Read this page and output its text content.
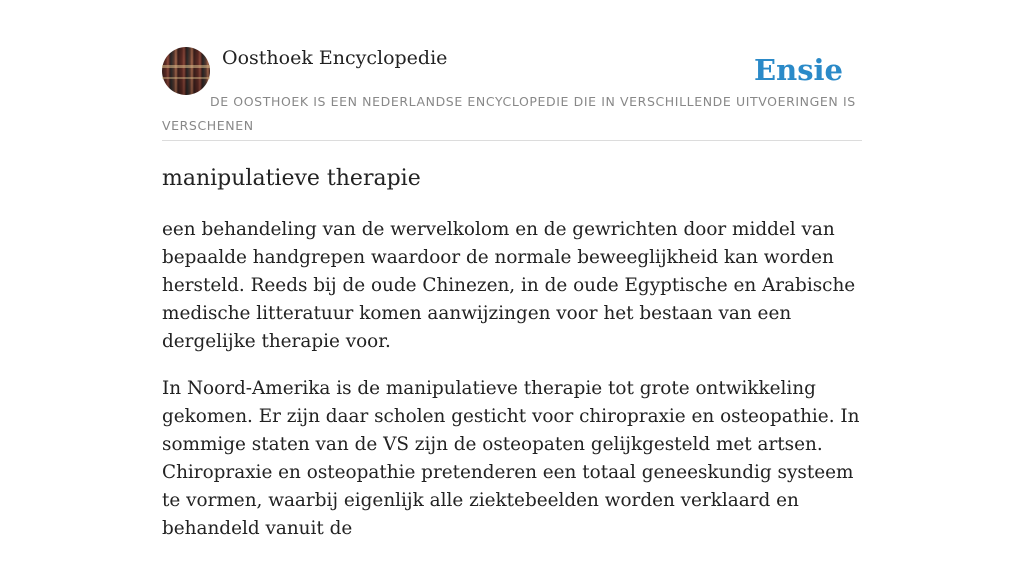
Oosthoek Encyclopedie	Ensie
DE OOSTHOEK IS EEN NEDERLANDSE ENCYCLOPEDIE DIE IN VERSCHILLENDE UITVOERINGEN IS VERSCHENEN
manipulatieve therapie

een behandeling van de wervelkolom en de gewrichten door middel van bepaalde handgrepen waardoor de normale beweeglijkheid kan worden hersteld. Reeds bij de oude Chinezen, in de oude Egyptische en Arabische medische litteratuur komen aanwijzingen voor het bestaan van een dergelijke therapie voor.

In Noord-Amerika is de manipulatieve therapie tot grote ontwikkeling gekomen. Er zijn daar scholen gesticht voor chiropraxie en osteopathie. In sommige staten van de VS zijn de osteopaten gelijkgesteld met artsen. Chiropraxie en osteopathie pretenderen een totaal geneeskundig systeem te vormen, waarbij eigenlijk alle ziektebeelden worden verklaard en behandeld vanuit de
